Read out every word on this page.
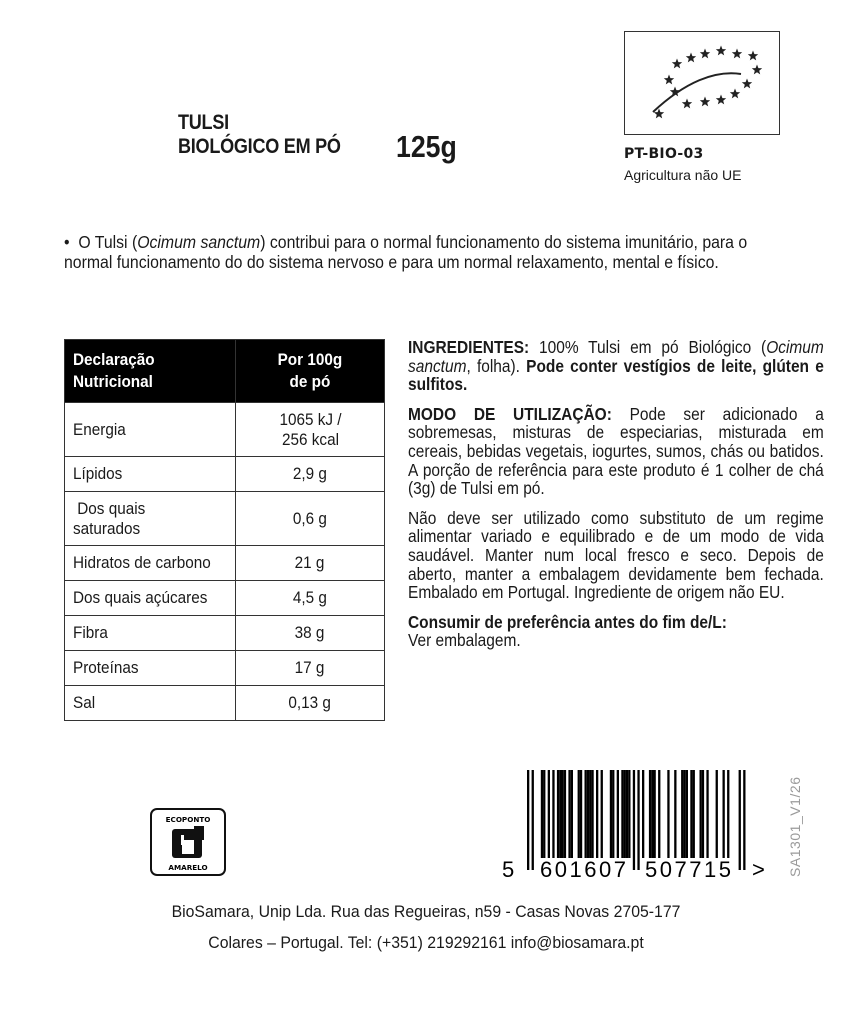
TULSI
BIOLÓGICO EM PÓ 125g	PT-BIO-03
Agricultura não UE
• O Tulsi (Ocimum sanctum) contribui para o normal funcionamento do sistema imunitário, para o normal funcionamento do do sistema nervoso e para um normal relaxamento, mental e físico.
Declaração
Nutricional	Por 100g
de pó
Energia	1065 kJ /
256 kcal
Lípidos	2,9 g
Dos quais
saturados	0,6 g
Hidratos de carbono	21 g
Dos quais açúcares	4,5 g
Fibra	38 g
Proteínas	17 g
Sal	0,13 g

INGREDIENTES: 100% Tulsi em pó Biológico (Ocimum sanctum, folha). Pode conter vestígios de leite, glúten e sulfitos.

MODO DE UTILIZAÇÃO: Pode ser adicionado a sobremesas, misturas de especiarias, misturada em cereais, bebidas vegetais, iogurtes, sumos, chás ou batidos. A porção de referência para este produto é 1 colher de chá (3g) de Tulsi em pó.

Não deve ser utilizado como substituto de um regime alimentar variado e equilibrado e de um modo de vida saudável. Manter num local fresco e seco. Depois de aberto, manter a embalagem devidamente bem fechada. Embalado em Portugal. Ingrediente de origem não EU.

Consumir de preferência antes do fim de/L:
Ver embalagem.

5 601607 507715 > SA1301_V1/26
ECOPONTO
AMARELO
BioSamara, Unip Lda. Rua das Regueiras, n59 - Casas Novas 2705-177
Colares – Portugal. Tel: (+351) 219292161 info@biosamara.pt
